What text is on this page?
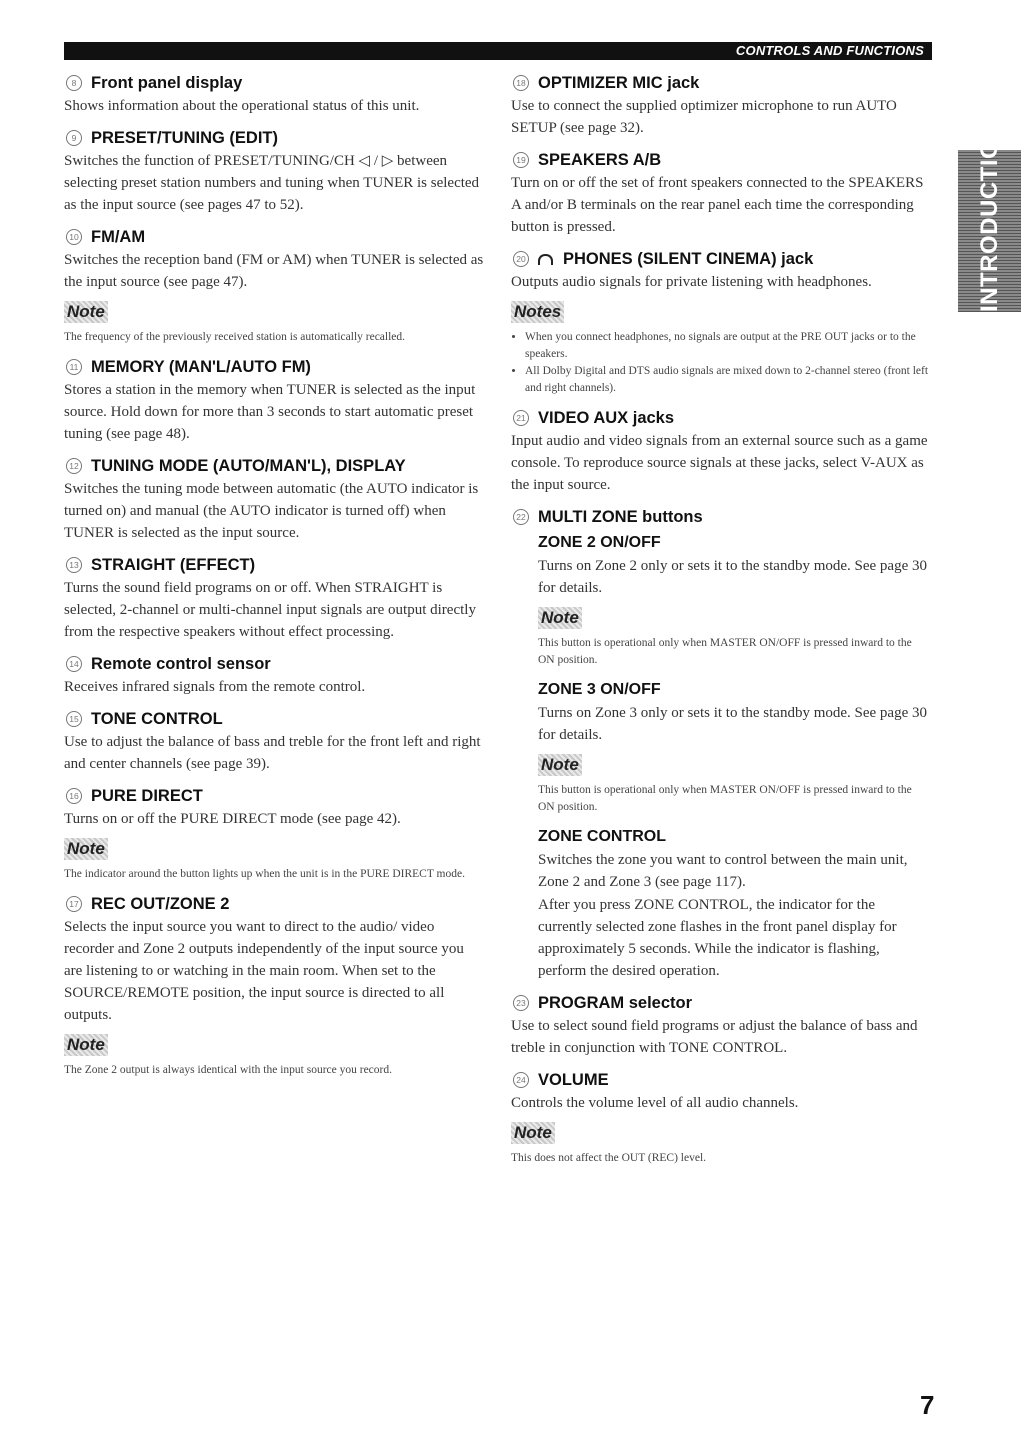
CONTROLS AND FUNCTIONS
INTRODUCTION
8 Front panel display
Shows information about the operational status of this unit.
9 PRESET/TUNING (EDIT)
Switches the function of PRESET/TUNING/CH ◁ / ▷ between selecting preset station numbers and tuning when TUNER is selected as the input source (see pages 47 to 52).
10 FM/AM
Switches the reception band (FM or AM) when TUNER is selected as the input source (see page 47).
Note
The frequency of the previously received station is automatically recalled.
11 MEMORY (MAN'L/AUTO FM)
Stores a station in the memory when TUNER is selected as the input source. Hold down for more than 3 seconds to start automatic preset tuning (see page 48).
12 TUNING MODE (AUTO/MAN'L), DISPLAY
Switches the tuning mode between automatic (the AUTO indicator is turned on) and manual (the AUTO indicator is turned off) when TUNER is selected as the input source.
13 STRAIGHT (EFFECT)
Turns the sound field programs on or off. When STRAIGHT is selected, 2-channel or multi-channel input signals are output directly from the respective speakers without effect processing.
14 Remote control sensor
Receives infrared signals from the remote control.
15 TONE CONTROL
Use to adjust the balance of bass and treble for the front left and right and center channels (see page 39).
16 PURE DIRECT
Turns on or off the PURE DIRECT mode (see page 42).
Note
The indicator around the button lights up when the unit is in the PURE DIRECT mode.
17 REC OUT/ZONE 2
Selects the input source you want to direct to the audio/ video recorder and Zone 2 outputs independently of the input source you are listening to or watching in the main room. When set to the SOURCE/REMOTE position, the input source is directed to all outputs.
Note
The Zone 2 output is always identical with the input source you record.
18 OPTIMIZER MIC jack
Use to connect the supplied optimizer microphone to run AUTO SETUP (see page 32).
19 SPEAKERS A/B
Turn on or off the set of front speakers connected to the SPEAKERS A and/or B terminals on the rear panel each time the corresponding button is pressed.
20 PHONES (SILENT CINEMA) jack
Outputs audio signals for private listening with headphones.
Notes
• When you connect headphones, no signals are output at the PRE OUT jacks or to the speakers.
• All Dolby Digital and DTS audio signals are mixed down to 2-channel stereo (front left and right channels).
21 VIDEO AUX jacks
Input audio and video signals from an external source such as a game console. To reproduce source signals at these jacks, select V-AUX as the input source.
22 MULTI ZONE buttons
ZONE 2 ON/OFF
Turns on Zone 2 only or sets it to the standby mode. See page 30 for details.
Note
This button is operational only when MASTER ON/OFF is pressed inward to the ON position.
ZONE 3 ON/OFF
Turns on Zone 3 only or sets it to the standby mode. See page 30 for details.
Note
This button is operational only when MASTER ON/OFF is pressed inward to the ON position.
ZONE CONTROL
Switches the zone you want to control between the main unit, Zone 2 and Zone 3 (see page 117).
After you press ZONE CONTROL, the indicator for the currently selected zone flashes in the front panel display for approximately 5 seconds. While the indicator is flashing, perform the desired operation.
23 PROGRAM selector
Use to select sound field programs or adjust the balance of bass and treble in conjunction with TONE CONTROL.
24 VOLUME
Controls the volume level of all audio channels.
Note
This does not affect the OUT (REC) level.
7
